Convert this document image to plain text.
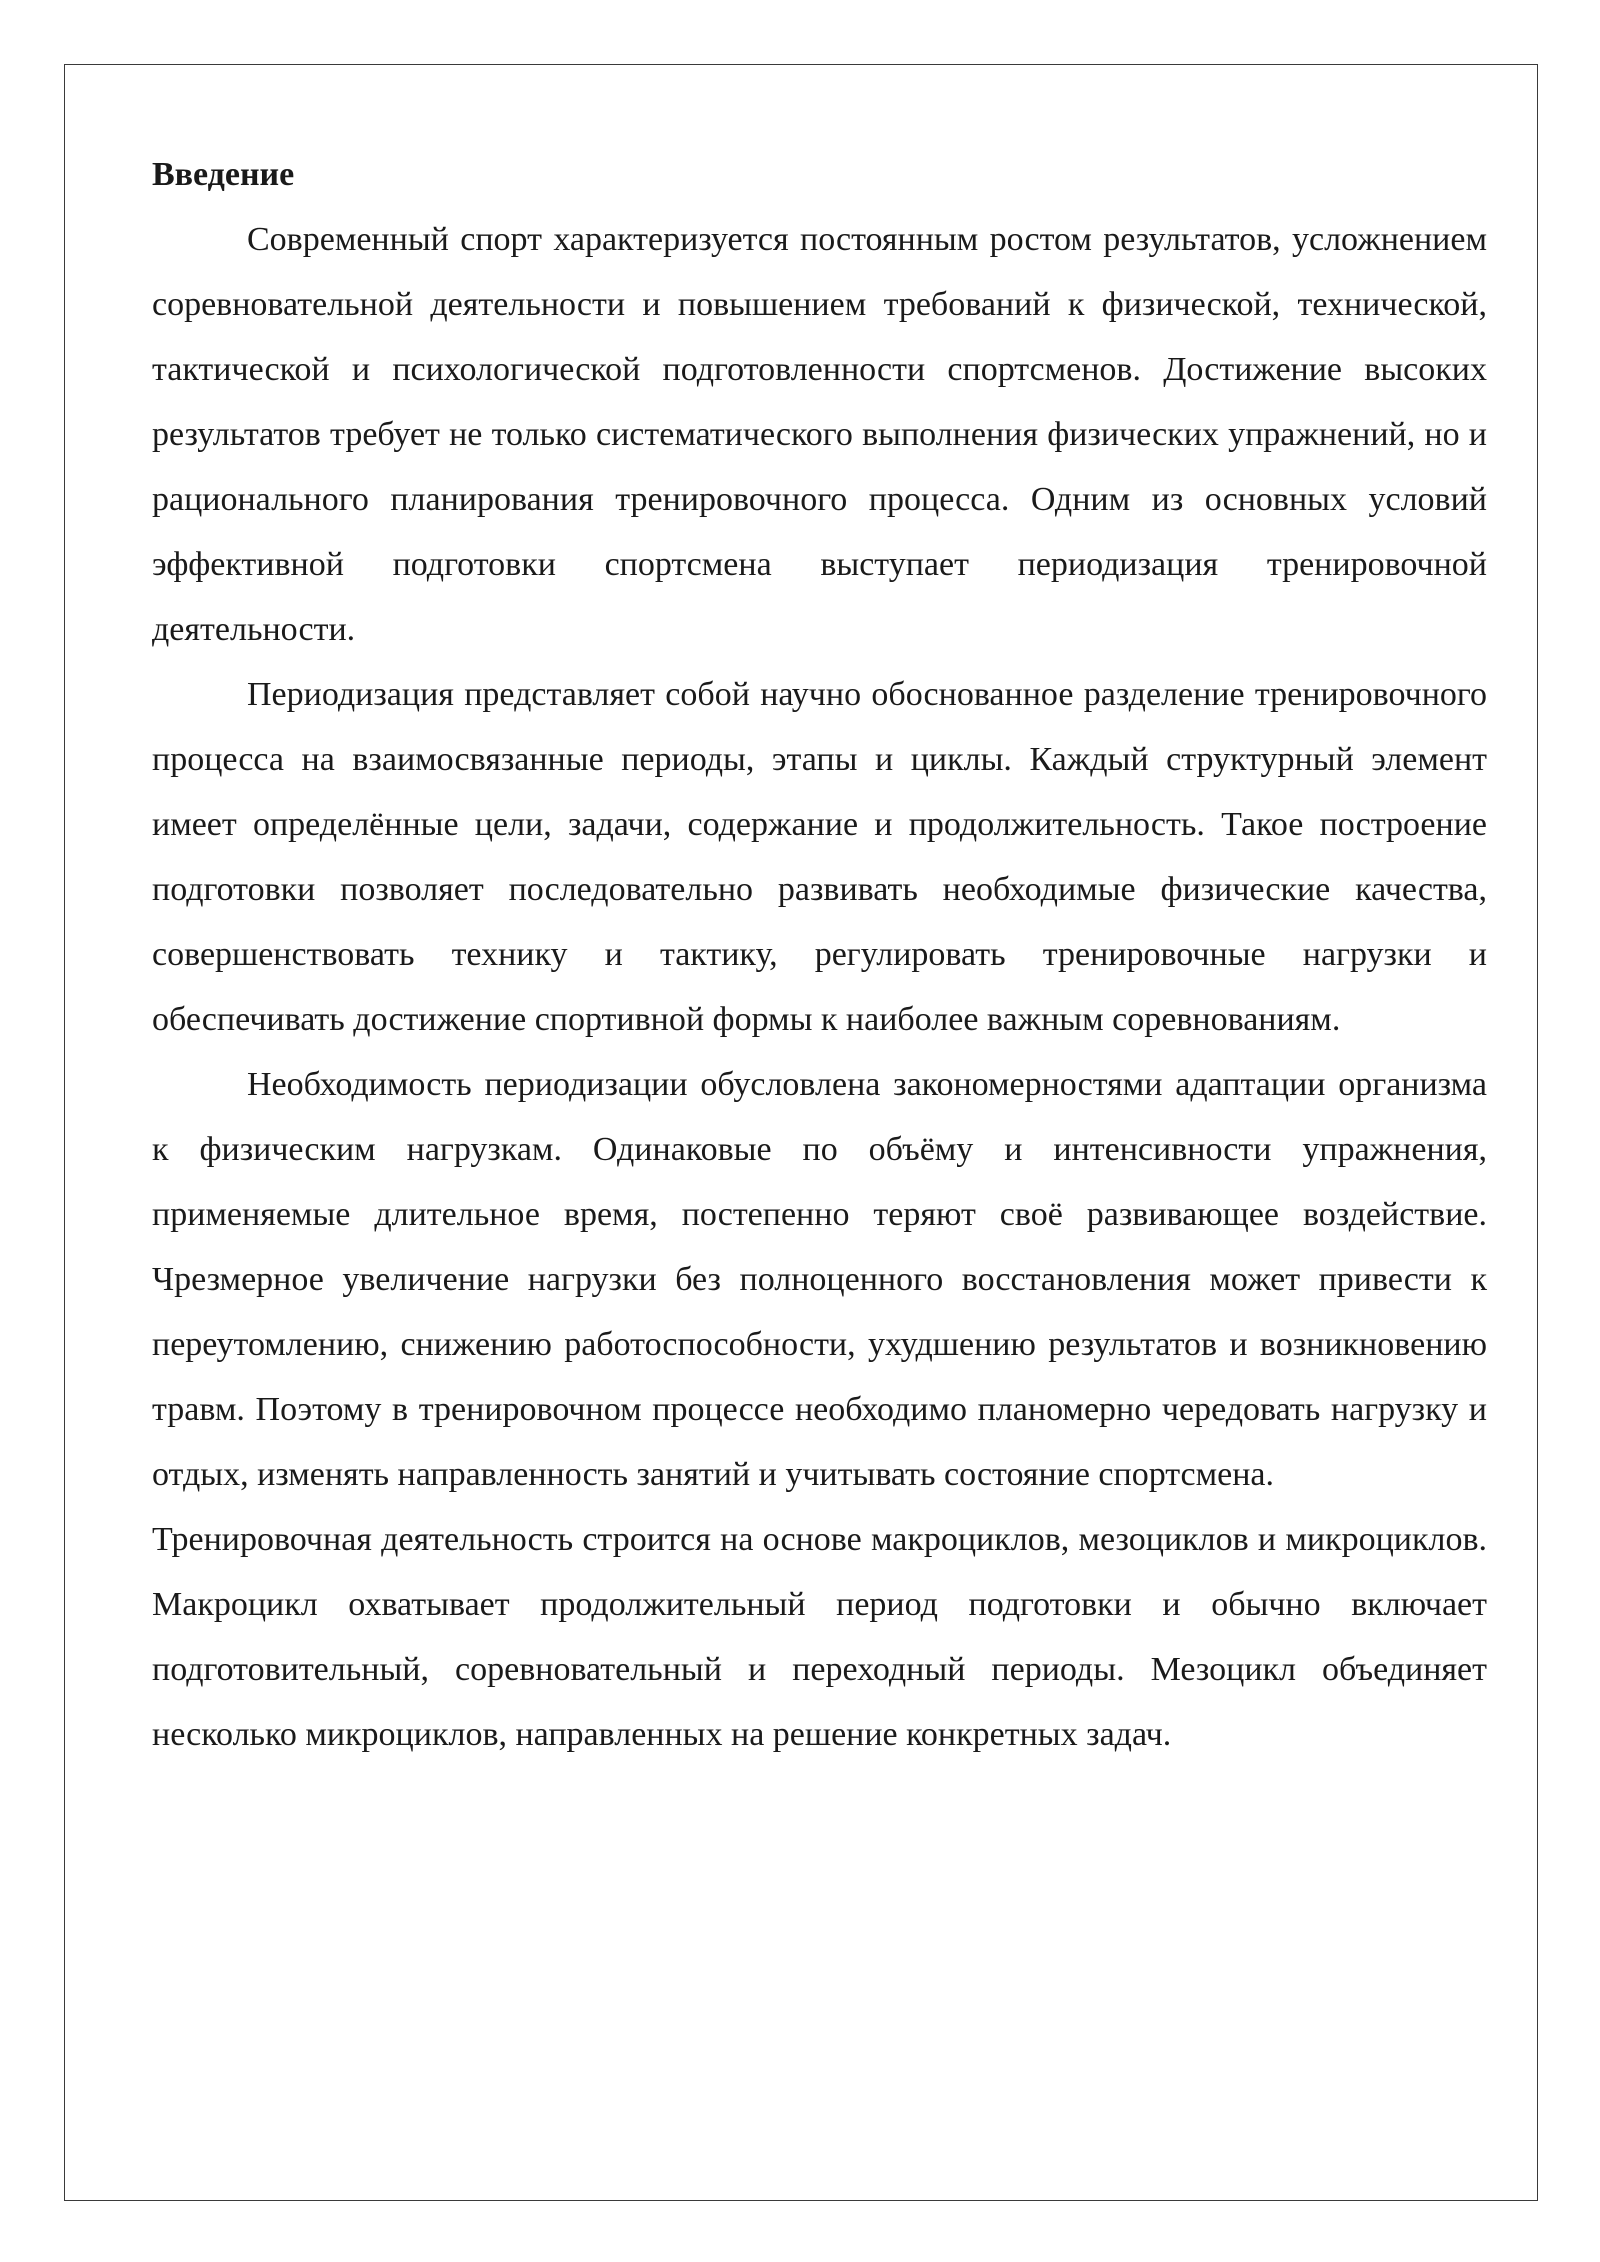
Введение

Современный спорт характеризуется постоянным ростом результатов, усложнением соревновательной деятельности и повышением требований к физической, технической, тактической и психологической подготовленности спортсменов. Достижение высоких результатов требует не только систематического выполнения физических упражнений, но и рационального планирования тренировочного процесса. Одним из основных условий эффективной подготовки спортсмена выступает периодизация тренировочной деятельности.

Периодизация представляет собой научно обоснованное разделение тренировочного процесса на взаимосвязанные периоды, этапы и циклы. Каждый структурный элемент имеет определённые цели, задачи, содержание и продолжительность. Такое построение подготовки позволяет последовательно развивать необходимые физические качества, совершенствовать технику и тактику, регулировать тренировочные нагрузки и обеспечивать достижение спортивной формы к наиболее важным соревнованиям.

Необходимость периодизации обусловлена закономерностями адаптации организма к физическим нагрузкам. Одинаковые по объёму и интенсивности упражнения, применяемые длительное время, постепенно теряют своё развивающее воздействие. Чрезмерное увеличение нагрузки без полноценного восстановления может привести к переутомлению, снижению работоспособности, ухудшению результатов и возникновению травм. Поэтому в тренировочном процессе необходимо планомерно чередовать нагрузку и отдых, изменять направленность занятий и учитывать состояние спортсмена.

Тренировочная деятельность строится на основе макроциклов, мезоциклов и микроциклов. Макроцикл охватывает продолжительный период подготовки и обычно включает подготовительный, соревновательный и переходный периоды. Мезоцикл объединяет несколько микроциклов, направленных на решение конкретных задач.
